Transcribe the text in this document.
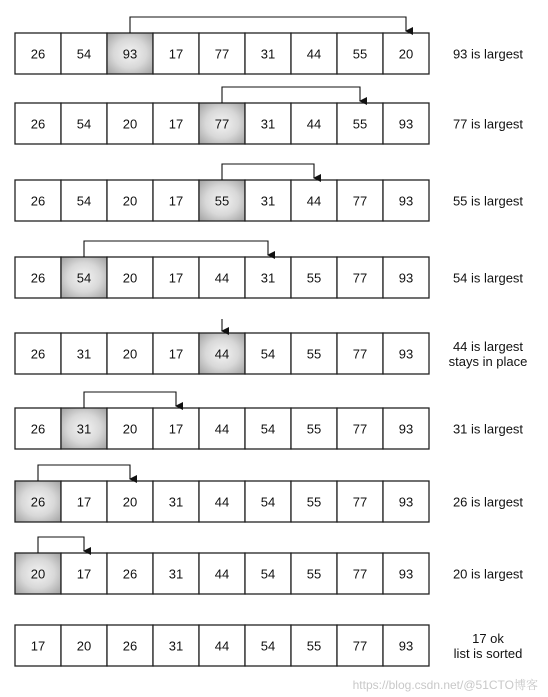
26 54 93 17 77 31 44 55 20	93 is largest
26 54 20 17 77 31 44 55 93	77 is largest
26 54 20 17 55 31 44 77 93	55 is largest
26 54 20 17 44 31 55 77 93	54 is largest
26 31 20 17 44 54 55 77 93	44 is largest
stays in place
26 31 20 17 44 54 55 77 93	31 is largest
26 17 20 31 44 54 55 77 93	26 is largest
20 17 26 31 44 54 55 77 93	20 is largest
17 20 26 31 44 54 55 77 93	17 ok
list is sorted
https://blog.csdn.net/@51CTO博客
